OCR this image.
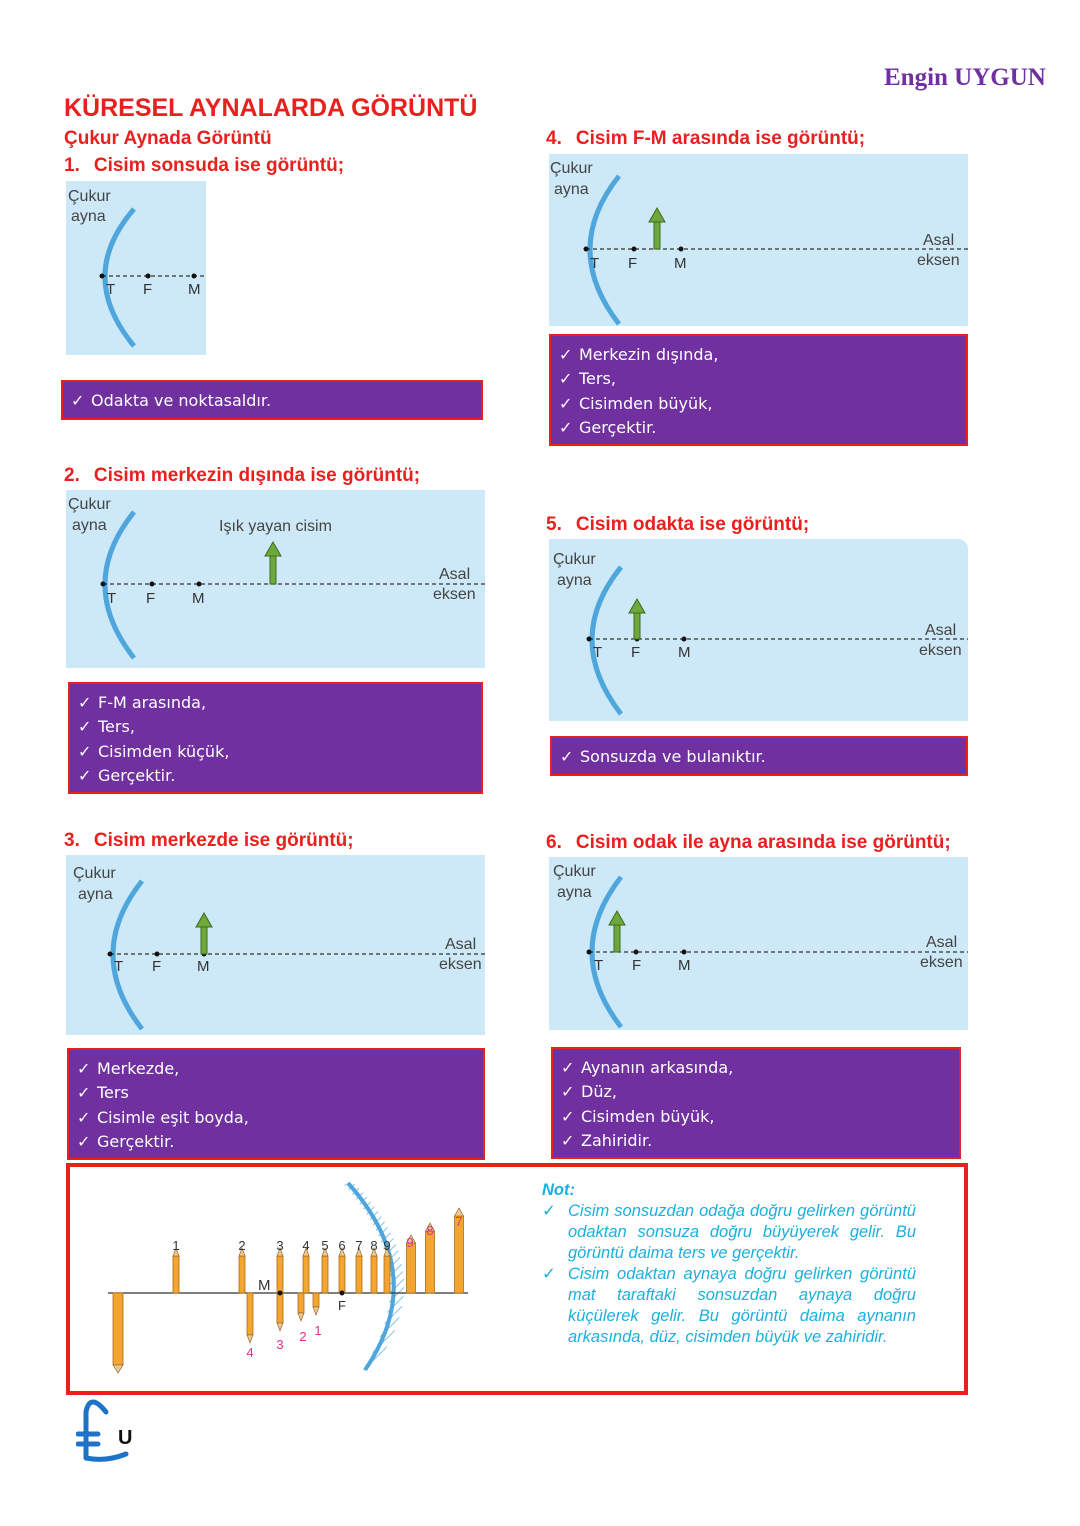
Engin UYGUN
KÜRESEL AYNALARDA GÖRÜNTÜ
Çukur Aynada Görüntü
1. Cisim sonsuda ise görüntü;
Çukur
ayna
T F M
✓ Odakta ve noktasaldır.
2. Cisim merkezin dışında ise görüntü;
Çukur
ayna	Işık yayan cisim
T F M
Asal
eksen
✓ F-M arasında,
✓ Ters,
✓ Cisimden küçük,
✓ Gerçektir.
3. Cisim merkezde ise görüntü;
Çukur
ayna
T F M
Asal
eksen
✓ Merkezde,
✓ Ters
✓ Cisimle eşit boyda,
✓ Gerçektir.
4. Cisim F-M arasında ise görüntü;
Çukur
ayna
T F M
Asal
eksen
✓ Merkezin dışında,
✓ Ters,
✓ Cisimden büyük,
✓ Gerçektir.
5. Cisim odakta ise görüntü;
Çukur
ayna
T F	M
Asal
eksen
✓ Sonsuzda ve bulanıktır.
6. Cisim odak ile ayna arasında ise görüntü;
Çukur
ayna
T F M
Asal
eksen
✓ Aynanın arkasında,
✓ Düz,
✓ Cisimden büyük,
✓ Zahiridir.
1	2 3 4 5 6 7 8 9
4
3
2 1
9
8
7
M
F
Not:
✓ Cisim sonsuzdan odağa doğru gelirken görüntü odaktan sonsuza doğru büyüyerek gelir. Bu görüntü daima ters ve gerçektir.
✓ Cisim odaktan aynaya doğru gelirken görüntü mat taraftaki sonsuzdan aynaya doğru küçülerek gelir. Bu görüntü daima aynanın arkasında, düz, cisimden büyük ve zahiridir.
U
